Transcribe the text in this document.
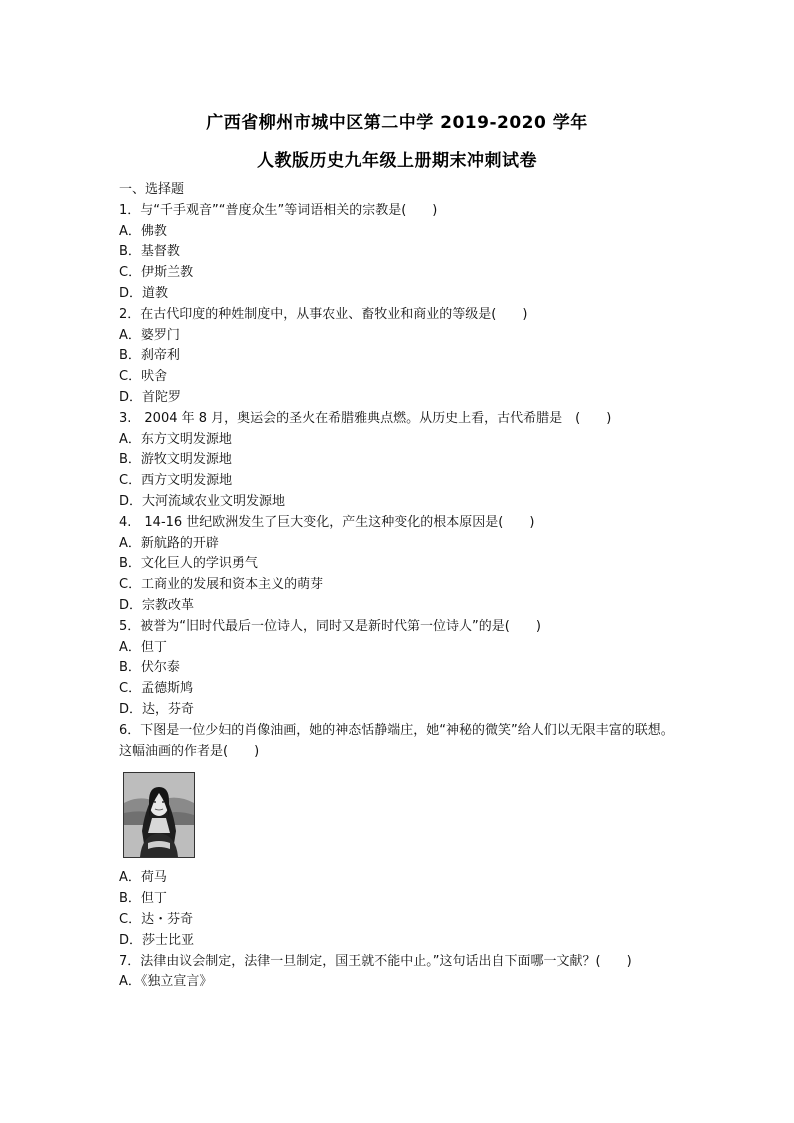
广西省柳州市城中区第二中学 2019-2020 学年
人教版历史九年级上册期末冲刺试卷
一、选择题
1．与“千手观音”“普度众生”等词语相关的宗教是(　　)
A．佛教
B．基督教
C．伊斯兰教
D．道教
2．在古代印度的种姓制度中，从事农业、畜牧业和商业的等级是(　　)
A．婆罗门
B．刹帝利
C．吠舍
D．首陀罗
3.　2004 年 8 月，奥运会的圣火在希腊雅典点燃。从历史上看，古代希腊是　(　　)
A．东方文明发源地
B．游牧文明发源地
C．西方文明发源地
D．大河流域农业文明发源地
4.　14-16 世纪欧洲发生了巨大变化，产生这种变化的根本原因是(　　)
A．新航路的开辟
B．文化巨人的学识勇气
C．工商业的发展和资本主义的萌芽
D．宗教改革
5．被誉为“旧时代最后一位诗人，同时又是新时代第一位诗人”的是(　　)
A．但丁
B．伏尔泰
C．孟德斯鸠
D．达，芬奇
6．下图是一位少妇的肖像油画，她的神态恬静端庄，她“神秘的微笑”给人们以无限丰富的联想。这幅油画的作者是(　　)
A．荷马
B．但丁
C．达・芬奇
D．莎士比亚
7．法律由议会制定，法律一旦制定，国王就不能中止。”这句话出自下面哪一文献？(　　)
A．《独立宣言》
